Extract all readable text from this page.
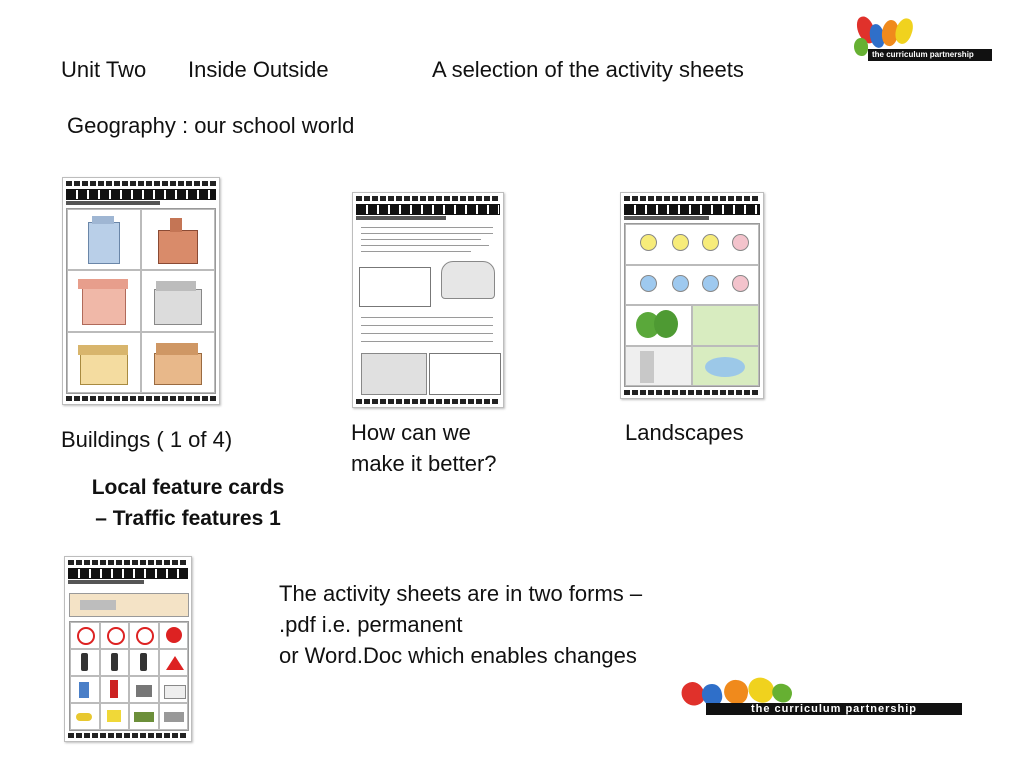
Unit Two Inside Outside	A selection of the activity sheets
Geography : our school world
the curriculum partnership
Buildings ( 1 of 4)	How can we
make it better?
Landscapes
Local feature cards
– Traffic features 1
The activity sheets are in two forms –
.pdf i.e. permanent
or Word.Doc which enables changes
the curriculum partnership
